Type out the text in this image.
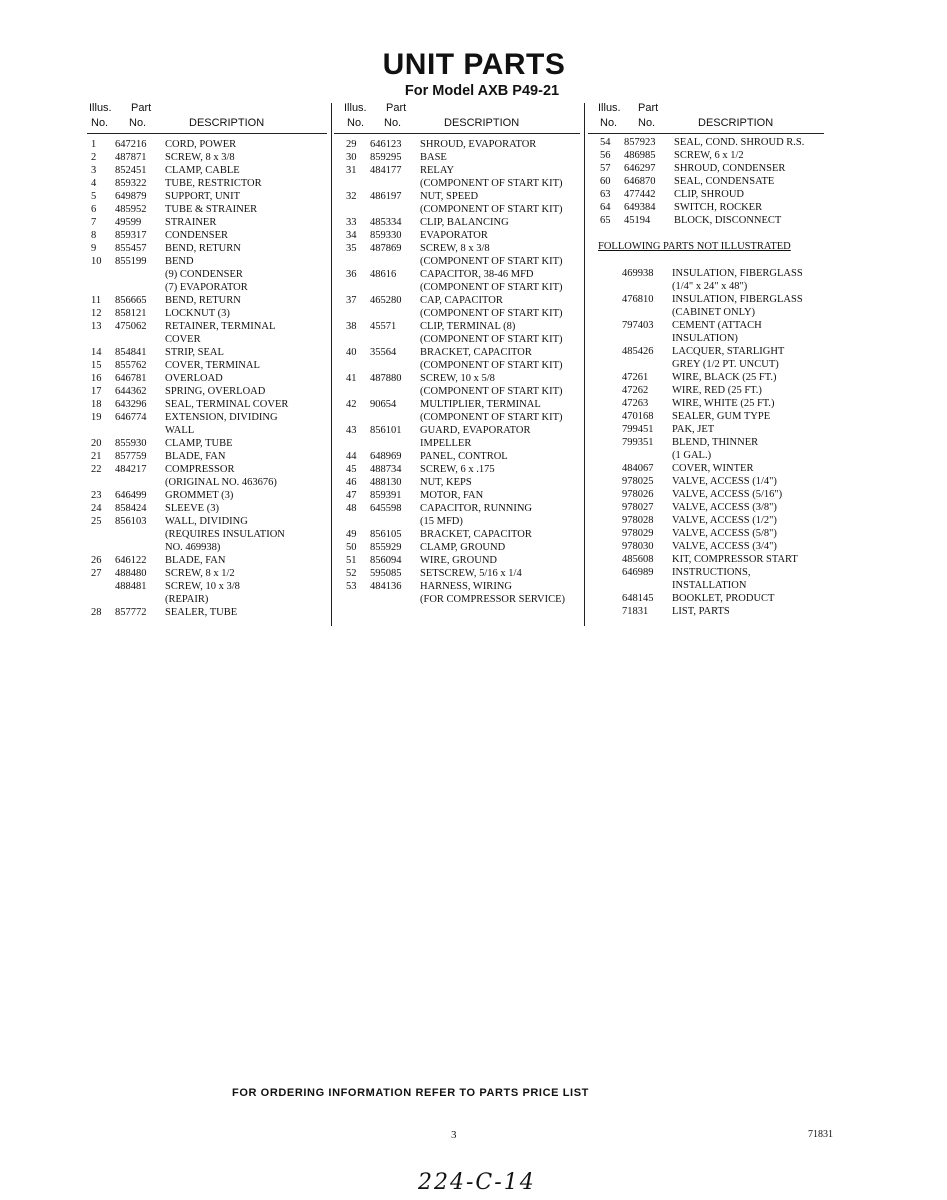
UNIT PARTS
For Model AXB P49-21
Illus. Part
No. No.	DESCRIPTION
1 647216 CORD, POWER
2 487871 SCREW, 8 x 3/8
3 852451 CLAMP, CABLE
4 859322 TUBE, RESTRICTOR
5 649879 SUPPORT, UNIT
6 485952 TUBE & STRAINER
7 49599 STRAINER
8 859317 CONDENSER
9 855457 BEND, RETURN
10 855199 BEND
(9) CONDENSER
(7) EVAPORATOR
11 856665 BEND, RETURN
12 858121 LOCKNUT (3)
13 475062 RETAINER, TERMINAL
COVER
14 854841 STRIP, SEAL
15 855762 COVER, TERMINAL
16 646781 OVERLOAD
17 644362 SPRING, OVERLOAD
18 643296 SEAL, TERMINAL COVER
19 646774 EXTENSION, DIVIDING
WALL
20 855930 CLAMP, TUBE
21 857759 BLADE, FAN
22 484217 COMPRESSOR
(ORIGINAL NO. 463676)
23 646499 GROMMET (3)
24 858424 SLEEVE (3)
25 856103 WALL, DIVIDING
(REQUIRES INSULATION
NO. 469938)
26 646122 BLADE, FAN
27 488480 SCREW, 8 x 1/2
488481 SCREW, 10 x 3/8
(REPAIR)
28 857772 SEALER, TUBE
Illus. Part
No. No.	DESCRIPTION
29 646123 SHROUD, EVAPORATOR
30 859295 BASE
31 484177 RELAY
(COMPONENT OF START KIT)
32 486197 NUT, SPEED
(COMPONENT OF START KIT)
33 485334 CLIP, BALANCING
34 859330 EVAPORATOR
35 487869 SCREW, 8 x 3/8
(COMPONENT OF START KIT)
36 48616 CAPACITOR, 38-46 MFD
(COMPONENT OF START KIT)
37 465280 CAP, CAPACITOR
(COMPONENT OF START KIT)
38 45571 CLIP, TERMINAL (8)
(COMPONENT OF START KIT)
40 35564 BRACKET, CAPACITOR
(COMPONENT OF START KIT)
41 487880 SCREW, 10 x 5/8
(COMPONENT OF START KIT)
42 90654 MULTIPLIER, TERMINAL
(COMPONENT OF START KIT)
43 856101 GUARD, EVAPORATOR
IMPELLER
44 648969 PANEL, CONTROL
45 488734 SCREW, 6 x .175
46 488130 NUT, KEPS
47 859391 MOTOR, FAN
48 645598 CAPACITOR, RUNNING
(15 MFD)
49 856105 BRACKET, CAPACITOR
50 855929 CLAMP, GROUND
51 856094 WIRE, GROUND
52 595085 SETSCREW, 5/16 x 1/4
53 484136 HARNESS, WIRING
(FOR COMPRESSOR SERVICE)
Illus. Part
No. No.	DESCRIPTION
54 857923 SEAL, COND. SHROUD R.S.
56 486985 SCREW, 6 x 1/2
57 646297 SHROUD, CONDENSER
60 646870 SEAL, CONDENSATE
63 477442 CLIP, SHROUD
64 649384 SWITCH, ROCKER
65 45194 BLOCK, DISCONNECT
FOLLOWING PARTS NOT ILLUSTRATED
469938 INSULATION, FIBERGLASS
(1/4" x 24" x 48")
476810 INSULATION, FIBERGLASS
(CABINET ONLY)
797403 CEMENT (ATTACH
INSULATION)
485426 LACQUER, STARLIGHT
GREY (1/2 PT. UNCUT)
47261 WIRE, BLACK (25 FT.)
47262 WIRE, RED (25 FT.)
47263 WIRE, WHITE (25 FT.)
470168 SEALER, GUM TYPE
799451 PAK, JET
799351 BLEND, THINNER
(1 GAL.)
484067 COVER, WINTER
978025 VALVE, ACCESS (1/4")
978026 VALVE, ACCESS (5/16")
978027 VALVE, ACCESS (3/8")
978028 VALVE, ACCESS (1/2")
978029 VALVE, ACCESS (5/8")
978030 VALVE, ACCESS (3/4")
485608 KIT, COMPRESSOR START
646989 INSTRUCTIONS,
INSTALLATION
648145 BOOKLET, PRODUCT
71831 LIST, PARTS
FOR ORDERING INFORMATION REFER TO PARTS PRICE LIST
3	71831
224-C-14
